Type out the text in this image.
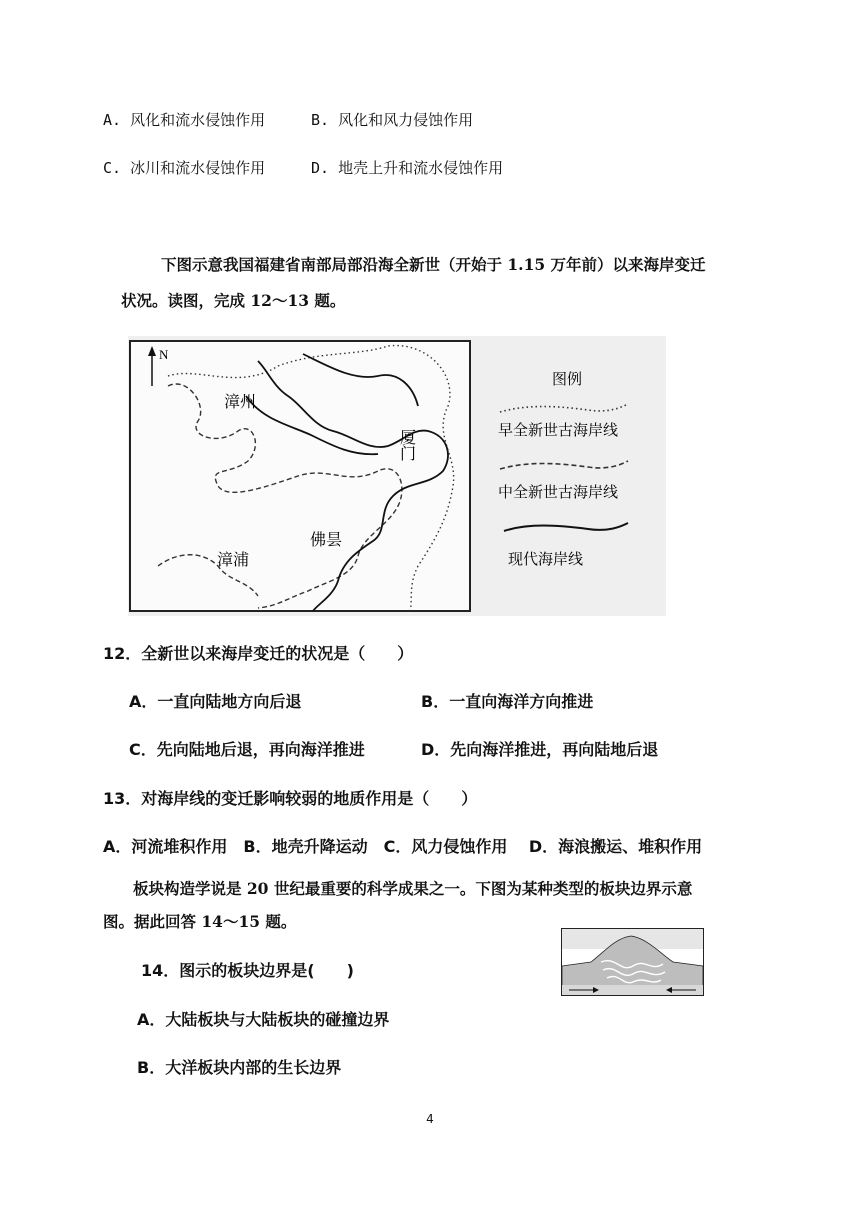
A. 风化和流水侵蚀作用	B. 风化和风力侵蚀作用
C. 冰川和流水侵蚀作用	D. 地壳上升和流水侵蚀作用
下图示意我国福建省南部局部沿海全新世（开始于 1.15 万年前）以来海岸变迁
状况。读图，完成 12～13 题。
N
漳州
厦门
佛昙
漳浦
图例
早全新世古海岸线
中全新世古海岸线
现代海岸线
12．全新世以来海岸变迁的状况是（　　）
A．一直向陆地方向后退	B．一直向海洋方向推进
C．先向陆地后退，再向海洋推进	D．先向海洋推进，再向陆地后退
13．对海岸线的变迁影响较弱的地质作用是（　　）
A．河流堆积作用　B．地壳升降运动　C．风力侵蚀作用　 D．海浪搬运、堆积作用
板块构造学说是 20 世纪最重要的科学成果之一。下图为某种类型的板块边界示意
图。据此回答 14～15 题。
14．图示的板块边界是(　　)
A．大陆板块与大陆板块的碰撞边界
B．大洋板块内部的生长边界
4
